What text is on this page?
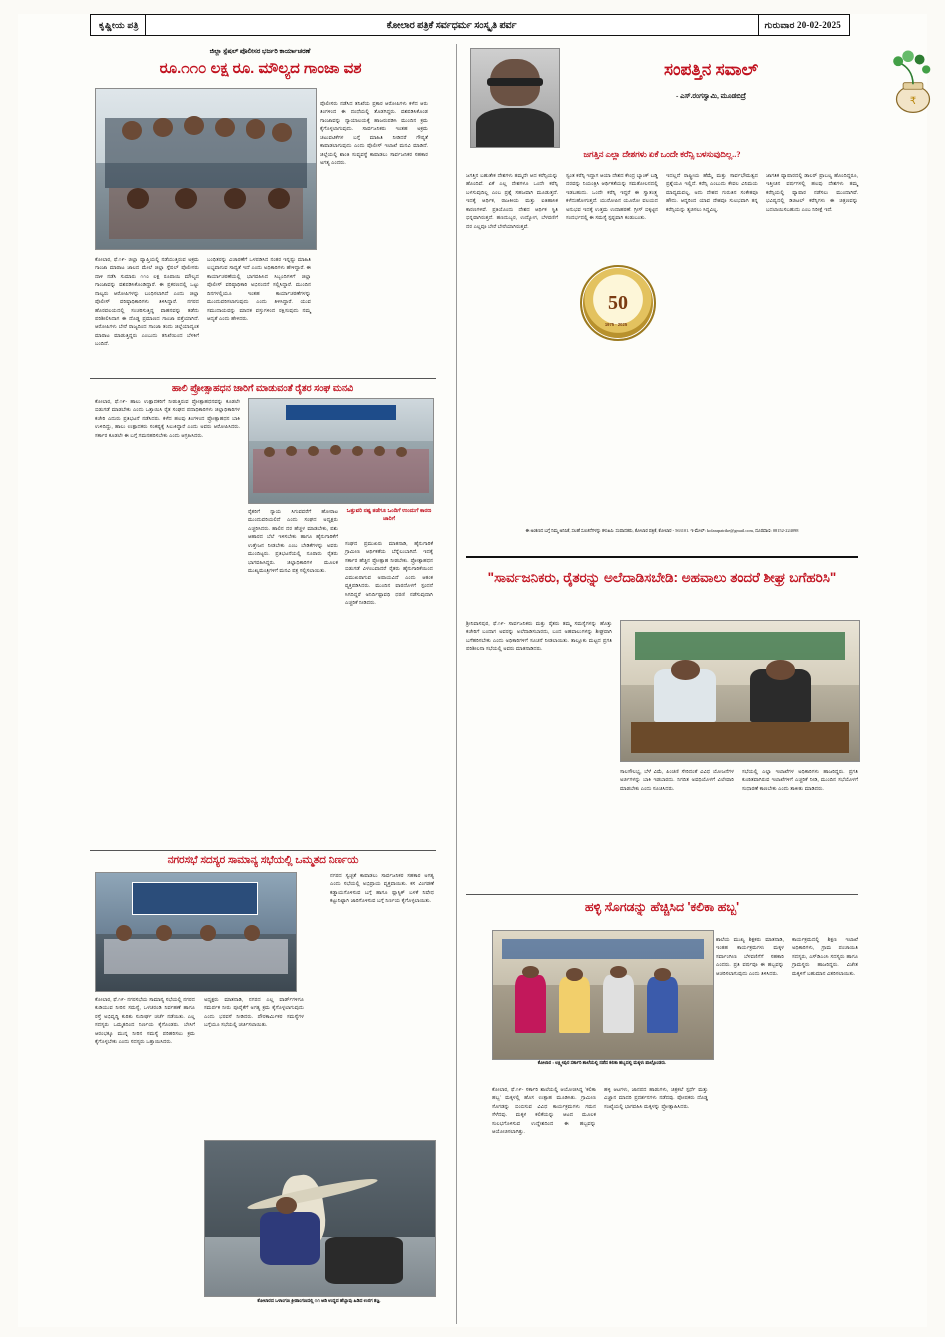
ಕೃಷ್ಣೀಯ ಪತ್ರಿ	ಕೋಲಾರ ಪತ್ರಿಕೆ ಸರ್ವಧರ್ಮ ಸಂಸ್ಕೃತಿ ಪರ್ವ	ಗುರುವಾರ
20-02-2025
ಜಿಲ್ಲಾ ಸ್ಪೆಷಲ್ ಪೊಲೀಸರ ಭರ್ಜರಿ ಕಾರ್ಯಾಚರಣೆ
ರೂ.೧೧೦ ಲಕ್ಷ ರೂ. ಮೌಲ್ಯದ ಗಾಂಜಾ ವಶ
ಕೋಲಾರ, ಫೆ.೧೯- ಜಿಲ್ಲಾ ವ್ಯಾಪ್ತಿಯಲ್ಲಿ ನಡೆಯುತ್ತಿರುವ ಅಕ್ರಮ ಗಾಂಜಾ ಮಾರಾಟ ಜಾಲದ ಮೇಲೆ ಜಿಲ್ಲಾ ಸ್ಪೆಷಲ್ ಪೊಲೀಸರು ದಾಳಿ ನಡೆಸಿ ಸುಮಾರು ೧೧೦ ಲಕ್ಷ ರೂಪಾಯಿ ಮೌಲ್ಯದ ಗಾಂಜಾವನ್ನು ವಶಪಡಿಸಿಕೊಂಡಿದ್ದಾರೆ. ಈ ಪ್ರಕರಣದಲ್ಲಿ ಒಟ್ಟು ನಾಲ್ವರು ಆರೋಪಿಗಳನ್ನು ಬಂಧಿಸಲಾಗಿದೆ ಎಂದು ಜಿಲ್ಲಾ ಪೊಲೀಸ್ ವರಿಷ್ಠಾಧಿಕಾರಿಗಳು ತಿಳಿಸಿದ್ದಾರೆ. ನಗರದ ಹೊರವಲಯದಲ್ಲಿ ಸಂಚರಿಸುತ್ತಿದ್ದ ವಾಹನವನ್ನು ತಡೆದು ಪರಿಶೀಲಿಸಿದಾಗ ಈ ದೊಡ್ಡ ಪ್ರಮಾಣದ ಗಾಂಜಾ ಪತ್ತೆಯಾಗಿದೆ. ಆರೋಪಿಗಳು ಬೇರೆ ರಾಜ್ಯದಿಂದ ಗಾಂಜಾ ತಂದು ಜಿಲ್ಲೆಯಾದ್ಯಂತ ಮಾರಾಟ ಮಾಡುತ್ತಿದ್ದರು ಎಂಬುದು ತನಿಖೆಯಿಂದ ಬೆಳಕಿಗೆ ಬಂದಿದೆ.
ಬಂಧಿತರನ್ನು ವಿಚಾರಣೆಗೆ ಒಳಪಡಿಸಿದ ನಂತರ ಇನ್ನಷ್ಟು ಮಾಹಿತಿ ಲಭ್ಯವಾಗುವ ಸಾಧ್ಯತೆ ಇದೆ ಎಂದು ಅಧಿಕಾರಿಗಳು ಹೇಳಿದ್ದಾರೆ. ಈ ಕಾರ್ಯಾಚರಣೆಯಲ್ಲಿ ಭಾಗವಹಿಸಿದ ಸಿಬ್ಬಂದಿಗಳಿಗೆ ಜಿಲ್ಲಾ ಪೊಲೀಸ್ ವರಿಷ್ಠಾಧಿಕಾರಿ ಅಭಿನಂದನೆ ಸಲ್ಲಿಸಿದ್ದಾರೆ. ಮುಂದಿನ ದಿನಗಳಲ್ಲಿಯೂ ಇಂತಹ ಕಾರ್ಯಾಚರಣೆಗಳನ್ನು ಮುಂದುವರಿಸಲಾಗುವುದು ಎಂದು ತಿಳಿಸಿದ್ದಾರೆ. ಯುವ ಸಮುದಾಯವನ್ನು ಮಾದಕ ವಸ್ತುಗಳಿಂದ ರಕ್ಷಿಸುವುದು ನಮ್ಮ ಆದ್ಯತೆ ಎಂದು ಹೇಳಿದರು.
ಪೊಲೀಸರು ನಡೆಸಿದ ತನಿಖೆಯ ಪ್ರಕಾರ ಆರೋಪಿಗಳು ಕಳೆದ ಆರು ತಿಂಗಳಿಂದ ಈ ದಂಧೆಯಲ್ಲಿ ತೊಡಗಿದ್ದರು. ವಶಪಡಿಸಿಕೊಂಡ ಗಾಂಜಾವನ್ನು ನ್ಯಾಯಾಲಯಕ್ಕೆ ಹಾಜರುಪಡಿಸಿ ಮುಂದಿನ ಕ್ರಮ ಕೈಗೊಳ್ಳಲಾಗುವುದು. ಸಾರ್ವಜನಿಕರು ಇಂತಹ ಅಕ್ರಮ ಚಟುವಟಿಕೆಗಳ ಬಗ್ಗೆ ಮಾಹಿತಿ ನೀಡಿದರೆ ಗೌಪ್ಯತೆ ಕಾಪಾಡಲಾಗುವುದು ಎಂದು ಪೊಲೀಸ್ ಇಲಾಖೆ ಮನವಿ ಮಾಡಿದೆ. ಜಿಲ್ಲೆಯಲ್ಲಿ ಶಾಂತಿ ಸುವ್ಯವಸ್ಥೆ ಕಾಪಾಡಲು ಸಾರ್ವಜನಿಕರ ಸಹಕಾರ ಅಗತ್ಯ ಎಂದರು.
ಹಾಲಿ ಪ್ರೋತ್ಸಾಹಧನ ಜಾರಿಗೆ ಮಾಡುವಂತೆ ರೈತರ ಸಂಘ ಮನವಿ
ಕೋಲಾರ, ಫೆ.೧೯- ಹಾಲು ಉತ್ಪಾದಕರಿಗೆ ನೀಡುತ್ತಿರುವ ಪ್ರೋತ್ಸಾಹಧನವನ್ನು ಕೂಡಲೇ ಬಿಡುಗಡೆ ಮಾಡಬೇಕು ಎಂದು ಒತ್ತಾಯಿಸಿ ರೈತ ಸಂಘದ ಪದಾಧಿಕಾರಿಗಳು ಜಿಲ್ಲಾಧಿಕಾರಿಗಳ ಕಚೇರಿ ಎದುರು ಪ್ರತಿಭಟನೆ ನಡೆಸಿದರು. ಕಳೆದ ಹಲವು ತಿಂಗಳಿಂದ ಪ್ರೋತ್ಸಾಹಧನ ಬಾಕಿ ಉಳಿದಿದ್ದು, ಹಾಲು ಉತ್ಪಾದಕರು ಸಂಕಷ್ಟಕ್ಕೆ ಸಿಲುಕಿದ್ದಾರೆ ಎಂದು ಅವರು ಆರೋಪಿಸಿದರು. ಸರ್ಕಾರ ಕೂಡಲೇ ಈ ಬಗ್ಗೆ ಗಮನಹರಿಸಬೇಕು ಎಂದು ಆಗ್ರಹಿಸಿದರು.
ರೈತರಿಗೆ ನ್ಯಾಯ ಸಿಗುವವರೆಗೆ ಹೋರಾಟ ಮುಂದುವರಿಯಲಿದೆ ಎಂದು ಸಂಘದ ಅಧ್ಯಕ್ಷರು ಎಚ್ಚರಿಸಿದರು. ಹಾಲಿನ ದರ ಹೆಚ್ಚಳ ಮಾಡಬೇಕು, ಪಶು ಆಹಾರದ ಬೆಲೆ ಇಳಿಸಬೇಕು ಹಾಗೂ ಹೈನುಗಾರಿಕೆಗೆ ಉತ್ತೇಜನ ನೀಡಬೇಕು ಎಂಬ ಬೇಡಿಕೆಗಳನ್ನು ಅವರು ಮುಂದಿಟ್ಟರು. ಪ್ರತಿಭಟನೆಯಲ್ಲಿ ನೂರಾರು ರೈತರು ಭಾಗವಹಿಸಿದ್ದರು. ಜಿಲ್ಲಾಧಿಕಾರಿಗಳ ಮೂಲಕ ಮುಖ್ಯಮಂತ್ರಿಗಳಿಗೆ ಮನವಿ ಪತ್ರ ಸಲ್ಲಿಸಲಾಯಿತು.
ಒತ್ತುವರಿ ನಷ್ಟ ತಡೆಗೂ ಒಂದಿಗೆ ಉಂದುಗೆ ಕಾರಣ ಜಾರಿಗೆ
ಸಂಘದ ಪ್ರಮುಖರು ಮಾತನಾಡಿ, ಹೈನುಗಾರಿಕೆ ಗ್ರಾಮೀಣ ಆರ್ಥಿಕತೆಯ ಬೆನ್ನೆಲುಬಾಗಿದೆ. ಇದಕ್ಕೆ ಸರ್ಕಾರ ಹೆಚ್ಚಿನ ಪ್ರೋತ್ಸಾಹ ನೀಡಬೇಕು. ಪ್ರೋತ್ಸಾಹಧನ ಬಿಡುಗಡೆ ವಿಳಂಬವಾದರೆ ರೈತರು ಹೈನುಗಾರಿಕೆಯಿಂದ ವಿಮುಖರಾಗುವ ಅಪಾಯವಿದೆ ಎಂದು ಆತಂಕ ವ್ಯಕ್ತಪಡಿಸಿದರು. ಮುಂದಿನ ವಾರದೊಳಗೆ ಸ್ಪಂದನೆ ಸಿಗದಿದ್ದರೆ ಅನಿರ್ದಿಷ್ಟಾವಧಿ ಧರಣಿ ನಡೆಸುವುದಾಗಿ ಎಚ್ಚರಿಕೆ ನೀಡಿದರು.
ನಗರಸಭೆ ಸದಸ್ಯರ ಸಾಮಾನ್ಯ ಸಭೆಯಲ್ಲಿ ಒಮ್ಮತದ ನಿರ್ಣಯ
ಕೋಲಾರ, ಫೆ.೧೯- ನಗರಸಭೆಯ ಸಾಮಾನ್ಯ ಸಭೆಯಲ್ಲಿ ನಗರದ ಕುಡಿಯುವ ನೀರಿನ ಸಮಸ್ಯೆ, ಒಳಚರಂಡಿ ನಿರ್ವಹಣೆ ಹಾಗೂ ರಸ್ತೆ ಅಭಿವೃದ್ಧಿ ಕುರಿತು ಸುದೀರ್ಘ ಚರ್ಚೆ ನಡೆಯಿತು. ಎಲ್ಲ ಸದಸ್ಯರು ಒಮ್ಮತದಿಂದ ನಿರ್ಣಯ ಕೈಗೊಂಡರು. ಬೇಸಿಗೆ ಆರಂಭಕ್ಕೂ ಮುನ್ನ ನೀರಿನ ಸಮಸ್ಯೆ ಪರಿಹರಿಸಲು ಕ್ರಮ ಕೈಗೊಳ್ಳಬೇಕು ಎಂದು ಸದಸ್ಯರು ಒತ್ತಾಯಿಸಿದರು.
ಅಧ್ಯಕ್ಷರು ಮಾತನಾಡಿ, ನಗರದ ಎಲ್ಲ ವಾರ್ಡ್‌ಗಳಿಗೂ ಸಮರ್ಪಕ ನೀರು ಪೂರೈಕೆಗೆ ಅಗತ್ಯ ಕ್ರಮ ಕೈಗೊಳ್ಳಲಾಗುವುದು ಎಂದು ಭರವಸೆ ನೀಡಿದರು. ಪೌರಕಾರ್ಮಿಕರ ಸಮಸ್ಯೆಗಳ ಬಗ್ಗೆಯೂ ಸಭೆಯಲ್ಲಿ ಚರ್ಚಿಸಲಾಯಿತು.
ನಗರದ ಸ್ವಚ್ಛತೆ ಕಾಪಾಡಲು ಸಾರ್ವಜನಿಕರ ಸಹಕಾರ ಅಗತ್ಯ ಎಂದು ಸಭೆಯಲ್ಲಿ ಅಭಿಪ್ರಾಯ ವ್ಯಕ್ತವಾಯಿತು. ಕಸ ವಿಂಗಡಣೆ ಕಡ್ಡಾಯಗೊಳಿಸುವ ಬಗ್ಗೆ ಹಾಗೂ ಪ್ಲಾಸ್ಟಿಕ್ ಬಳಕೆ ನಿಷೇಧ ಕಟ್ಟುನಿಟ್ಟಾಗಿ ಜಾರಿಗೊಳಿಸುವ ಬಗ್ಗೆ ನಿರ್ಣಯ ಕೈಗೊಳ್ಳಲಾಯಿತು.
ಕೋಲಾರದ ಒಳಾಂಗಣ ಕ್ರೀಡಾಂಗಣದಲ್ಲಿ ೧೧ ಅಡಿ ಉದ್ದದ ಹೆಬ್ಬಾವು ಹಿಡಿದ ಉರಗ ತಜ್ಞ.
ಸಂಪತ್ತಿನ ಸವಾಲ್
- ಎಸ್.ರಂಗಸ್ವಾಮಿ, ಮೂಡಬಿದ್ರೆ
₹
ಜಗತ್ತಿನ ಎಲ್ಲಾ ದೇಶಗಳು ಏಕೆ ಒಂದೇ ಕರೆನ್ಸಿ ಬಳಸುವುದಿಲ್ಲ..?
ಜಗತ್ತಿನ ಬಹುತೇಕ ದೇಶಗಳು ತಮ್ಮದೇ ಆದ ಕರೆನ್ಸಿಯನ್ನು ಹೊಂದಿವೆ. ಏಕೆ ಎಲ್ಲ ದೇಶಗಳೂ ಒಂದೇ ಕರೆನ್ಸಿ ಬಳಸುವುದಿಲ್ಲ ಎಂಬ ಪ್ರಶ್ನೆ ಸಹಜವಾಗಿ ಮೂಡುತ್ತದೆ. ಇದಕ್ಕೆ ಆರ್ಥಿಕ, ರಾಜಕೀಯ ಮತ್ತು ಐತಿಹಾಸಿಕ ಕಾರಣಗಳಿವೆ. ಪ್ರತಿಯೊಂದು ದೇಶದ ಆರ್ಥಿಕ ಸ್ಥಿತಿ ಭಿನ್ನವಾಗಿರುತ್ತದೆ. ಹಣದುಬ್ಬರ, ಉದ್ಯೋಗ, ಬೆಳವಣಿಗೆ ದರ ಎಲ್ಲವೂ ಬೇರೆ ಬೇರೆಯಾಗಿರುತ್ತವೆ.
ಸ್ವಂತ ಕರೆನ್ಸಿ ಇದ್ದಾಗ ಆಯಾ ದೇಶದ ಕೇಂದ್ರ ಬ್ಯಾಂಕ್ ಬಡ್ಡಿ ದರವನ್ನು ನಿಯಂತ್ರಿಸಿ ಆರ್ಥಿಕತೆಯನ್ನು ಸಮತೋಲನದಲ್ಲಿ ಇಡಬಹುದು. ಒಂದೇ ಕರೆನ್ಸಿ ಇದ್ದರೆ ಈ ಸ್ವಾತಂತ್ರ್ಯ ಕಳೆದುಹೋಗುತ್ತದೆ. ಯುರೋಪಿನ ಯೂರೋ ವಲಯದ ಅನುಭವ ಇದಕ್ಕೆ ಉತ್ತಮ ಉದಾಹರಣೆ. ಗ್ರೀಸ್ ಬಿಕ್ಕಟ್ಟಿನ ಸಂದರ್ಭದಲ್ಲಿ ಈ ಸಮಸ್ಯೆ ಸ್ಪಷ್ಟವಾಗಿ ಕಂಡುಬಂತು.
ಇದಲ್ಲದೆ ರಾಷ್ಟ್ರೀಯ ಹೆಮ್ಮೆ ಮತ್ತು ಸಾರ್ವಭೌಮತ್ವದ ಪ್ರಶ್ನೆಯೂ ಇಲ್ಲಿದೆ. ಕರೆನ್ಸಿ ಎಂಬುದು ಕೇವಲ ವಿನಿಮಯ ಮಾಧ್ಯಮವಲ್ಲ, ಅದು ದೇಶದ ಗುರುತಿನ ಸಂಕೇತವೂ ಹೌದು. ಆದ್ದರಿಂದ ಯಾವ ದೇಶವೂ ಸುಲಭವಾಗಿ ತನ್ನ ಕರೆನ್ಸಿಯನ್ನು ತ್ಯಜಿಸಲು ಸಿದ್ಧವಿಲ್ಲ.
ಜಾಗತಿಕ ವ್ಯಾಪಾರದಲ್ಲಿ ಡಾಲರ್ ಪ್ರಾಬಲ್ಯ ಹೊಂದಿದ್ದರೂ, ಇತ್ತೀಚಿನ ವರ್ಷಗಳಲ್ಲಿ ಹಲವು ದೇಶಗಳು ತಮ್ಮ ಕರೆನ್ಸಿಯಲ್ಲಿ ವ್ಯಾಪಾರ ನಡೆಸಲು ಮುಂದಾಗಿವೆ. ಭವಿಷ್ಯದಲ್ಲಿ ಡಿಜಿಟಲ್ ಕರೆನ್ಸಿಗಳು ಈ ಚಿತ್ರಣವನ್ನು ಬದಲಾಯಿಸಬಹುದು ಎಂಬ ನಿರೀಕ್ಷೆ ಇದೆ.
50
1975 - 2025
ಈ ಅಂಕಣದ ಬಗ್ಗೆ ನಿಮ್ಮ ಅನಿಸಿಕೆ, ಸಲಹೆ ಸೂಚನೆಗಳನ್ನು ಕಳುಹಿಸಿ: ಸಂಪಾದಕರು, ಕೋಲಾರ ಪತ್ರಿಕೆ, ಕೋಲಾರ - 563101. ಇ-ಮೇಲ್: kolarapatrike@gmail.com, ದೂರವಾಣಿ: 08152-224098
"ಸಾರ್ವಜನಿಕರು, ರೈತರನ್ನು ಅಲೆದಾಡಿಸಬೇಡಿ: ಅಹವಾಲು ತಂದರೆ ಶೀಘ್ರ ಬಗೆಹರಿಸಿ"
ಶ್ರೀನಿವಾಸಪುರ, ಫೆ.೧೯- ಸಾರ್ವಜನಿಕರು ಮತ್ತು ರೈತರು ತಮ್ಮ ಸಮಸ್ಯೆಗಳನ್ನು ಹೊತ್ತು ಕಚೇರಿಗೆ ಬಂದಾಗ ಅವರನ್ನು ಅಲೆದಾಡಿಸಬಾರದು, ಬಂದ ಅಹವಾಲುಗಳನ್ನು ಶೀಘ್ರವಾಗಿ ಬಗೆಹರಿಸಬೇಕು ಎಂದು ಅಧಿಕಾರಿಗಳಿಗೆ ಸೂಚನೆ ನೀಡಲಾಯಿತು. ತಾಲ್ಲೂಕು ಮಟ್ಟದ ಪ್ರಗತಿ ಪರಿಶೀಲನಾ ಸಭೆಯಲ್ಲಿ ಅವರು ಮಾತನಾಡಿದರು.
ಸಾಲಸೌಲಭ್ಯ, ಬೆಳೆ ವಿಮೆ, ಪಿಂಚಣಿ ಸೇರಿದಂತೆ ವಿವಿಧ ಯೋಜನೆಗಳ ಅರ್ಜಿಗಳನ್ನು ಬಾಕಿ ಇಡಬಾರದು. ನಿಗದಿತ ಅವಧಿಯೊಳಗೆ ವಿಲೇವಾರಿ ಮಾಡಬೇಕು ಎಂದು ಸೂಚಿಸಿದರು.
ಸಭೆಯಲ್ಲಿ ಎಲ್ಲಾ ಇಲಾಖೆಗಳ ಅಧಿಕಾರಿಗಳು ಹಾಜರಿದ್ದರು. ಪ್ರಗತಿ ಕುಂಠಿತವಾಗಿರುವ ಇಲಾಖೆಗಳಿಗೆ ಎಚ್ಚರಿಕೆ ನೀಡಿ, ಮುಂದಿನ ಸಭೆಯೊಳಗೆ ಸುಧಾರಣೆ ಕಾಣಬೇಕು ಎಂದು ತಾಕೀತು ಮಾಡಿದರು.
ಹಳ್ಳಿ ಸೊಗಡನ್ನು ಹೆಚ್ಚಿಸಿದ 'ಕಲಿಕಾ ಹಬ್ಬ'
ಕೋಲಾರ : ಲಕ್ಷ್ಮೀಪುರ ಸರ್ಕಾರಿ ಶಾಲೆಯಲ್ಲಿ ನಡೆದ ಕಲಿಕಾ ಹಬ್ಬದಲ್ಲಿ ಮಕ್ಕಳು ಪಾಲ್ಗೊಂಡರು.
ಕೋಲಾರ, ಫೆ.೧೯- ಸರ್ಕಾರಿ ಶಾಲೆಯಲ್ಲಿ ಆಯೋಜಿಸಿದ್ದ 'ಕಲಿಕಾ ಹಬ್ಬ' ಮಕ್ಕಳಲ್ಲಿ ಹೊಸ ಉತ್ಸಾಹ ಮೂಡಿಸಿತು. ಗ್ರಾಮೀಣ ಸೊಗಡನ್ನು ಬಿಂಬಿಸುವ ವಿವಿಧ ಕಾರ್ಯಕ್ರಮಗಳು ಗಮನ ಸೆಳೆದವು. ಮಕ್ಕಳ ಕಲಿಕೆಯನ್ನು ಆಟದ ಮೂಲಕ ಸುಲಭಗೊಳಿಸುವ ಉದ್ದೇಶದಿಂದ ಈ ಹಬ್ಬವನ್ನು ಆಯೋಜಿಸಲಾಗಿತ್ತು.
ಹಳ್ಳಿ ಆಟಗಳು, ಜಾನಪದ ಹಾಡುಗಳು, ಚಿತ್ರಕಲೆ ಸ್ಪರ್ಧೆ ಮತ್ತು ವಿಜ್ಞಾನ ಮಾದರಿ ಪ್ರದರ್ಶನಗಳು ನಡೆದವು. ಪೋಷಕರು ದೊಡ್ಡ ಸಂಖ್ಯೆಯಲ್ಲಿ ಭಾಗವಹಿಸಿ ಮಕ್ಕಳನ್ನು ಪ್ರೋತ್ಸಾಹಿಸಿದರು.
ಶಾಲೆಯ ಮುಖ್ಯ ಶಿಕ್ಷಕರು ಮಾತನಾಡಿ, ಇಂತಹ ಕಾರ್ಯಕ್ರಮಗಳು ಮಕ್ಕಳ ಸರ್ವಾಂಗೀಣ ಬೆಳವಣಿಗೆಗೆ ಸಹಕಾರಿ ಎಂದರು. ಪ್ರತಿ ವರ್ಷವೂ ಈ ಹಬ್ಬವನ್ನು ಆಚರಿಸಲಾಗುವುದು ಎಂದು ತಿಳಿಸಿದರು.
ಕಾರ್ಯಕ್ರಮದಲ್ಲಿ ಶಿಕ್ಷಣ ಇಲಾಖೆ ಅಧಿಕಾರಿಗಳು, ಗ್ರಾಮ ಪಂಚಾಯಿತಿ ಸದಸ್ಯರು, ಎಸ್‌ಡಿಎಂಸಿ ಸದಸ್ಯರು ಹಾಗೂ ಗ್ರಾಮಸ್ಥರು ಹಾಜರಿದ್ದರು. ವಿಜೇತ ಮಕ್ಕಳಿಗೆ ಬಹುಮಾನ ವಿತರಿಸಲಾಯಿತು.
